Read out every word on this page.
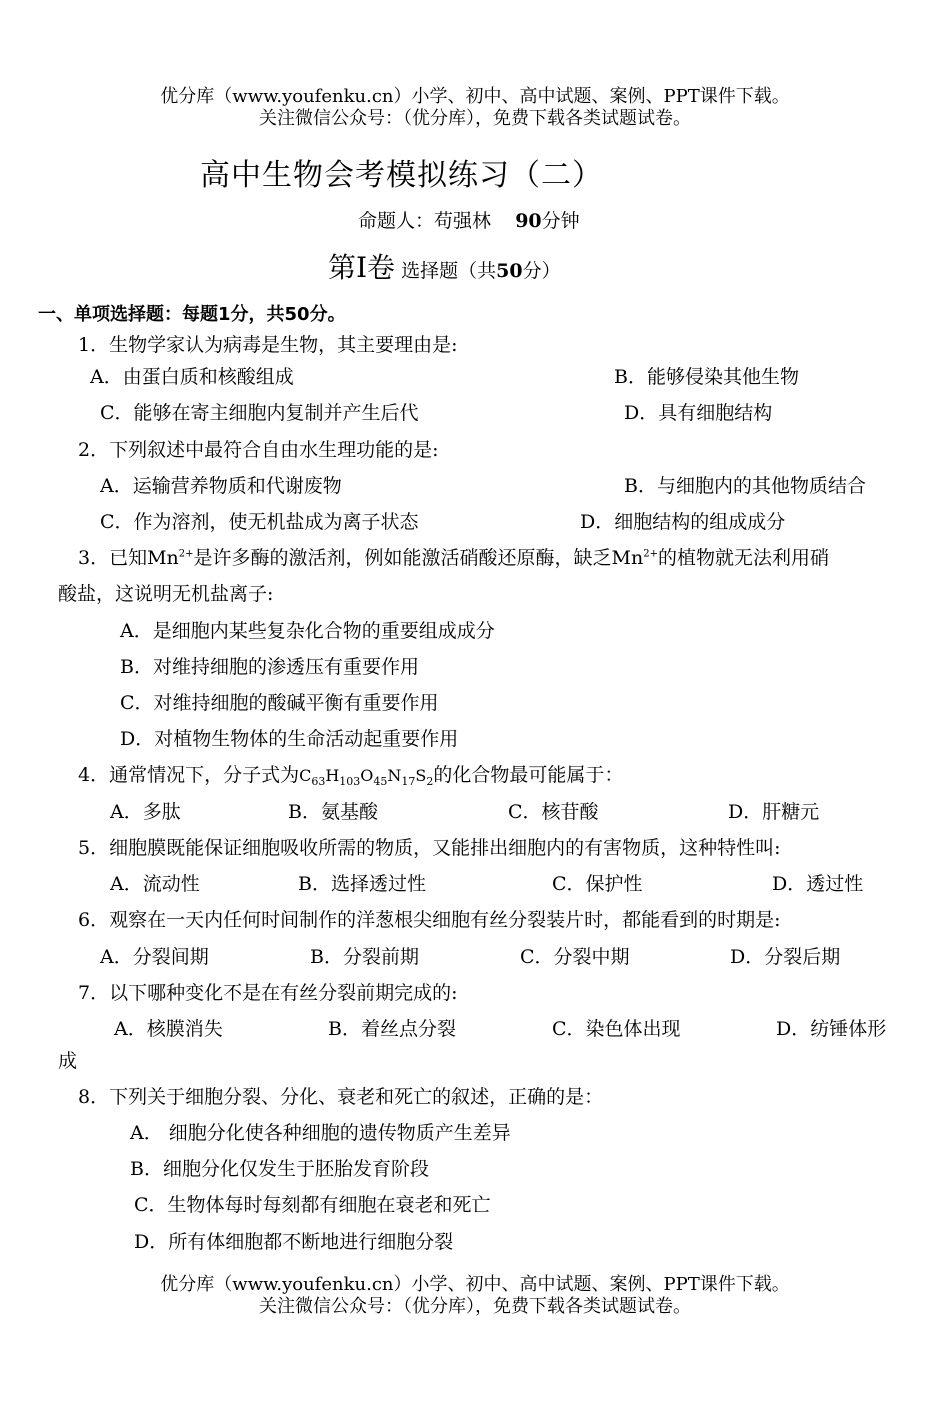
优分库（www.youfenku.cn）小学、初中、高中试题、案例、PPT课件下载。
关注微信公众号：（优分库），免费下载各类试题试卷。
高中生物会考模拟练习（二）
命题人：苟强林 90分钟
第Ⅰ卷 选择题（共50分）
一、单项选择题：每题1分，共50分。
1．生物学家认为病毒是生物，其主要理由是:
A．由蛋白质和核酸组成	B．能够侵染其他生物
C．能够在寄主细胞内复制并产生后代	D．具有细胞结构
2．下列叙述中最符合自由水生理功能的是:
A．运输营养物质和代谢废物	B．与细胞内的其他物质结合
C．作为溶剂，使无机盐成为离子状态	D．细胞结构的组成成分
3．已知$Mn^{2+}$是许多酶的激活剂，例如能激活硝酸还原酶，缺乏$Mn^{2+}$的植物就无法利用硝
酸盐，这说明无机盐离子:
A．是细胞内某些复杂化合物的重要组成成分
B．对维持细胞的渗透压有重要作用
C．对维持细胞的酸碱平衡有重要作用
D．对植物生物体的生命活动起重要作用
4．通常情况下，分子式为$C_{63}H_{103}O_{45}N_{17}S_2$的化合物最可能属于：
A．多肽	B．氨基酸	C．核苷酸	D．肝糖元
5．细胞膜既能保证细胞吸收所需的物质，又能排出细胞内的有害物质，这种特性叫:
A．流动性	B．选择透过性	C．保护性	D．透过性
6．观察在一天内任何时间制作的洋葱根尖细胞有丝分裂装片时，都能看到的时期是:
A．分裂间期	B．分裂前期	C．分裂中期	D．分裂后期
7．以下哪种变化不是在有丝分裂前期完成的:
A．核膜消失	B．着丝点分裂	C．染色体出现	D．纺锤体形
成
8．下列关于细胞分裂、分化、衰老和死亡的叙述，正确的是：
A． 细胞分化使各种细胞的遗传物质产生差异
B．细胞分化仅发生于胚胎发育阶段
C．生物体每时每刻都有细胞在衰老和死亡
D．所有体细胞都不断地进行细胞分裂
优分库（www.youfenku.cn）小学、初中、高中试题、案例、PPT课件下载。
关注微信公众号：（优分库），免费下载各类试题试卷。
